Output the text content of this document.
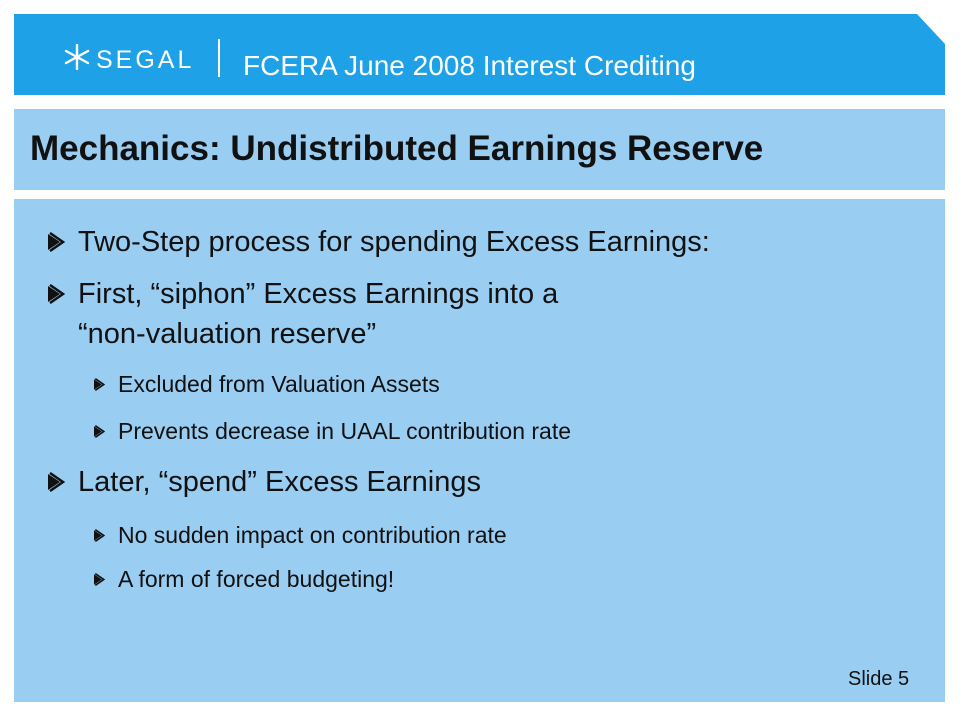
SEGAL FCERA June 2008 Interest Crediting
Mechanics: Undistributed Earnings Reserve
Two-Step process for spending Excess Earnings:
First, “siphon” Excess Earnings into a
“non-valuation reserve”
Excluded from Valuation Assets
Prevents decrease in UAAL contribution rate
Later, “spend” Excess Earnings
No sudden impact on contribution rate
A form of forced budgeting!
Slide 5
